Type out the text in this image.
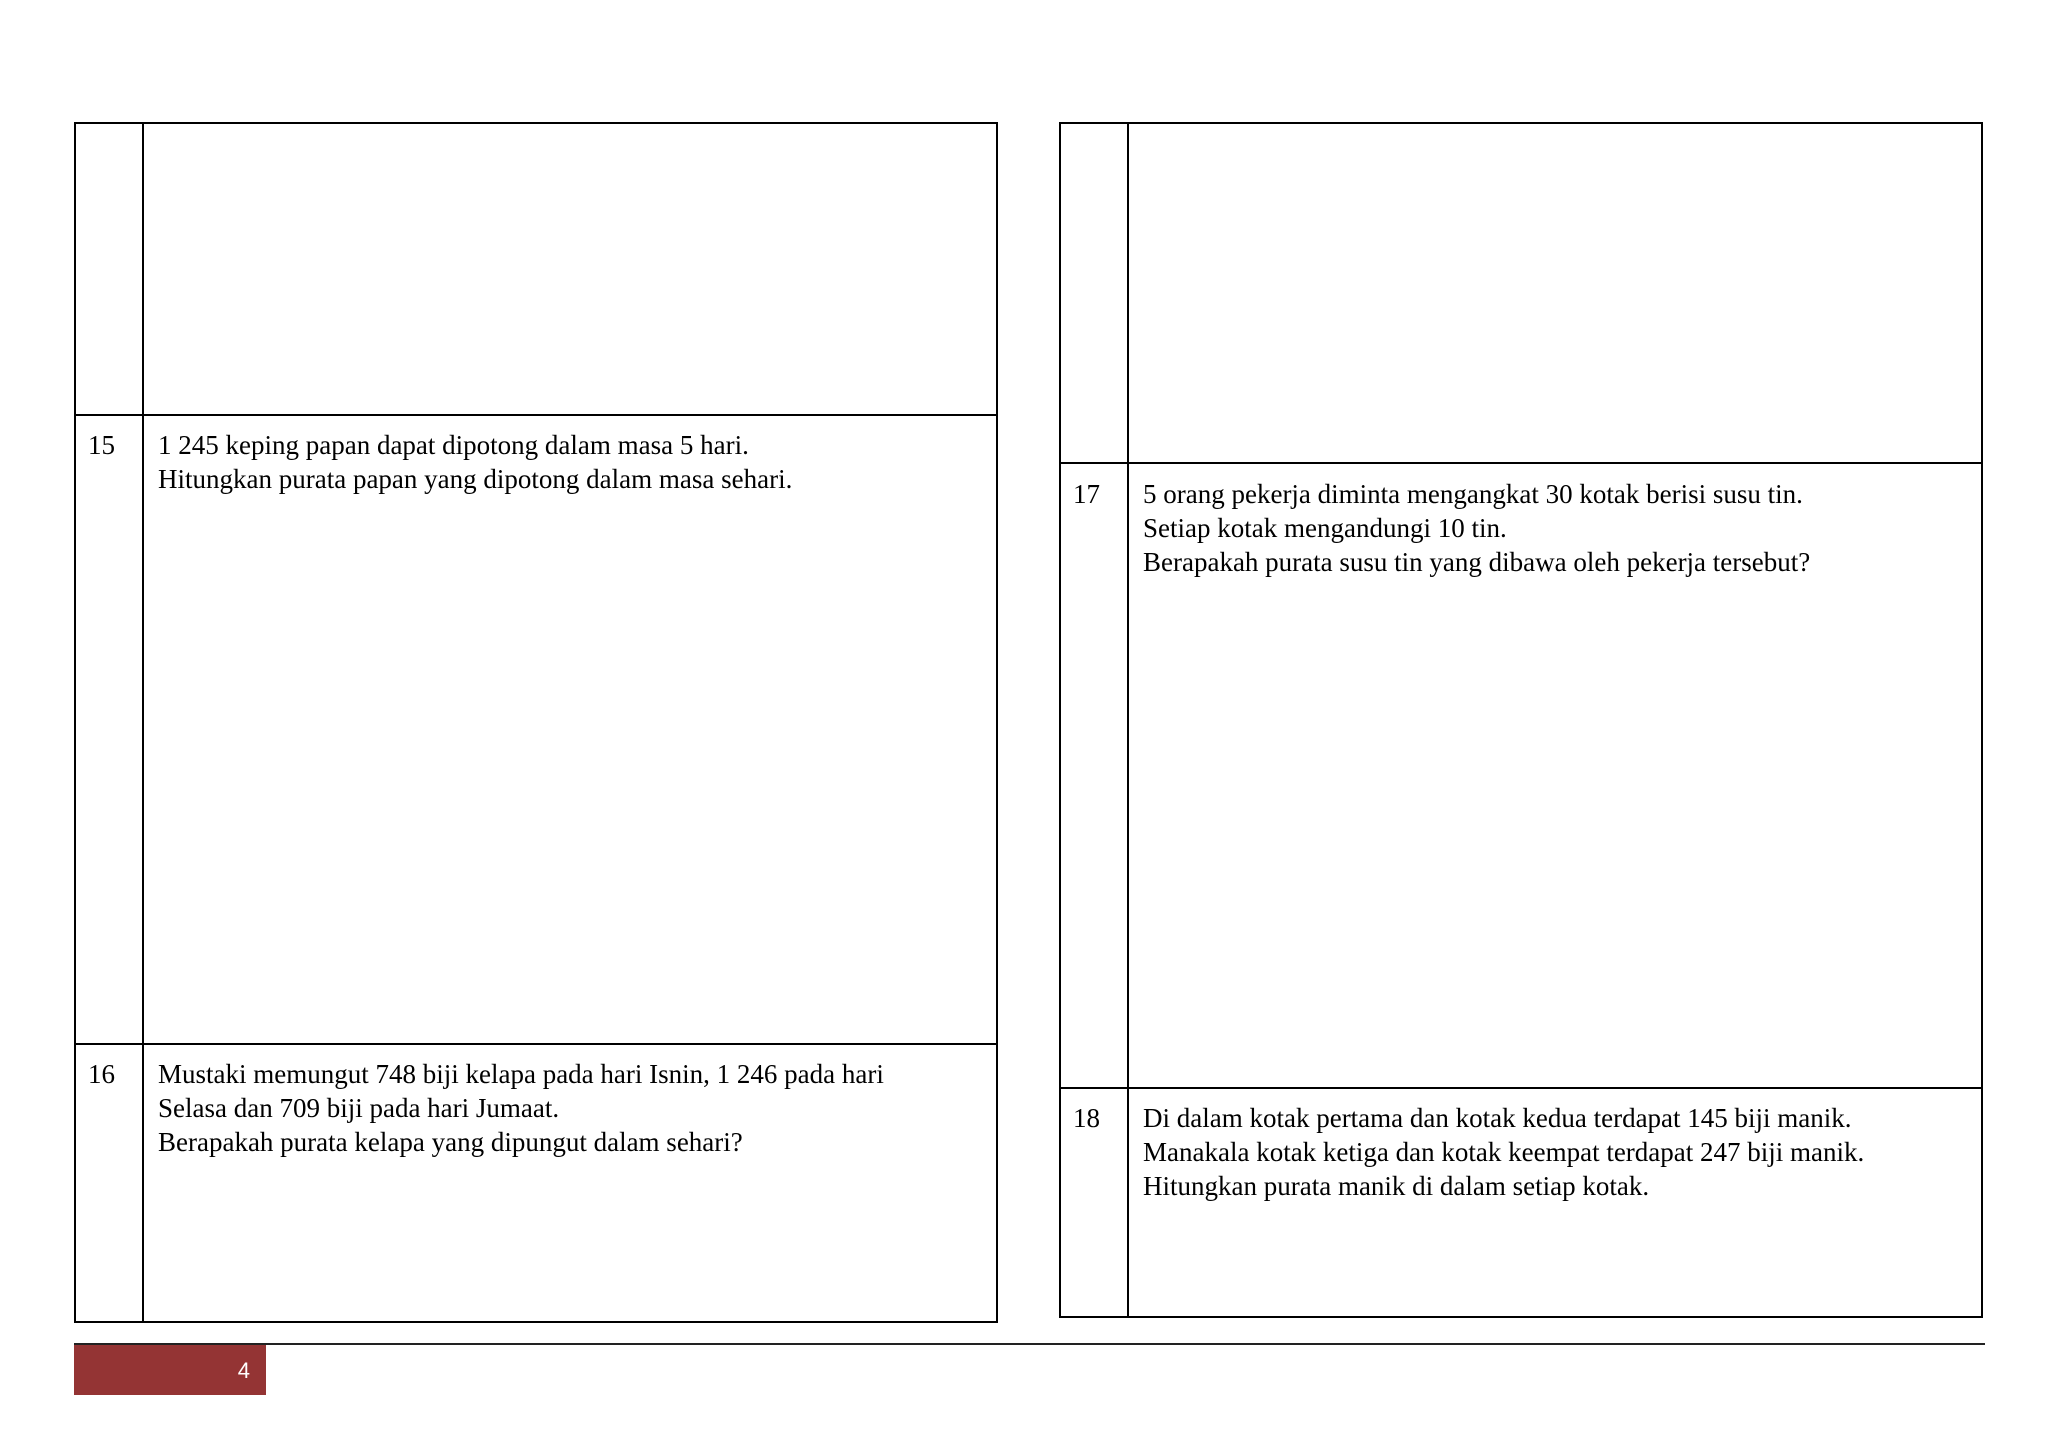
15 1 245 keping papan dapat dipotong dalam masa 5 hari.
Hitungkan purata papan yang dipotong dalam masa sehari.
16 Mustaki memungut 748 biji kelapa pada hari Isnin, 1 246 pada hari
Selasa dan 709 biji pada hari Jumaat.
Berapakah purata kelapa yang dipungut dalam sehari?
17 5 orang pekerja diminta mengangkat 30 kotak berisi susu tin.
Setiap kotak mengandungi 10 tin.
Berapakah purata susu tin yang dibawa oleh pekerja tersebut?
18 Di dalam kotak pertama dan kotak kedua terdapat 145 biji manik.
Manakala kotak ketiga dan kotak keempat terdapat 247 biji manik.
Hitungkan purata manik di dalam setiap kotak.
4
